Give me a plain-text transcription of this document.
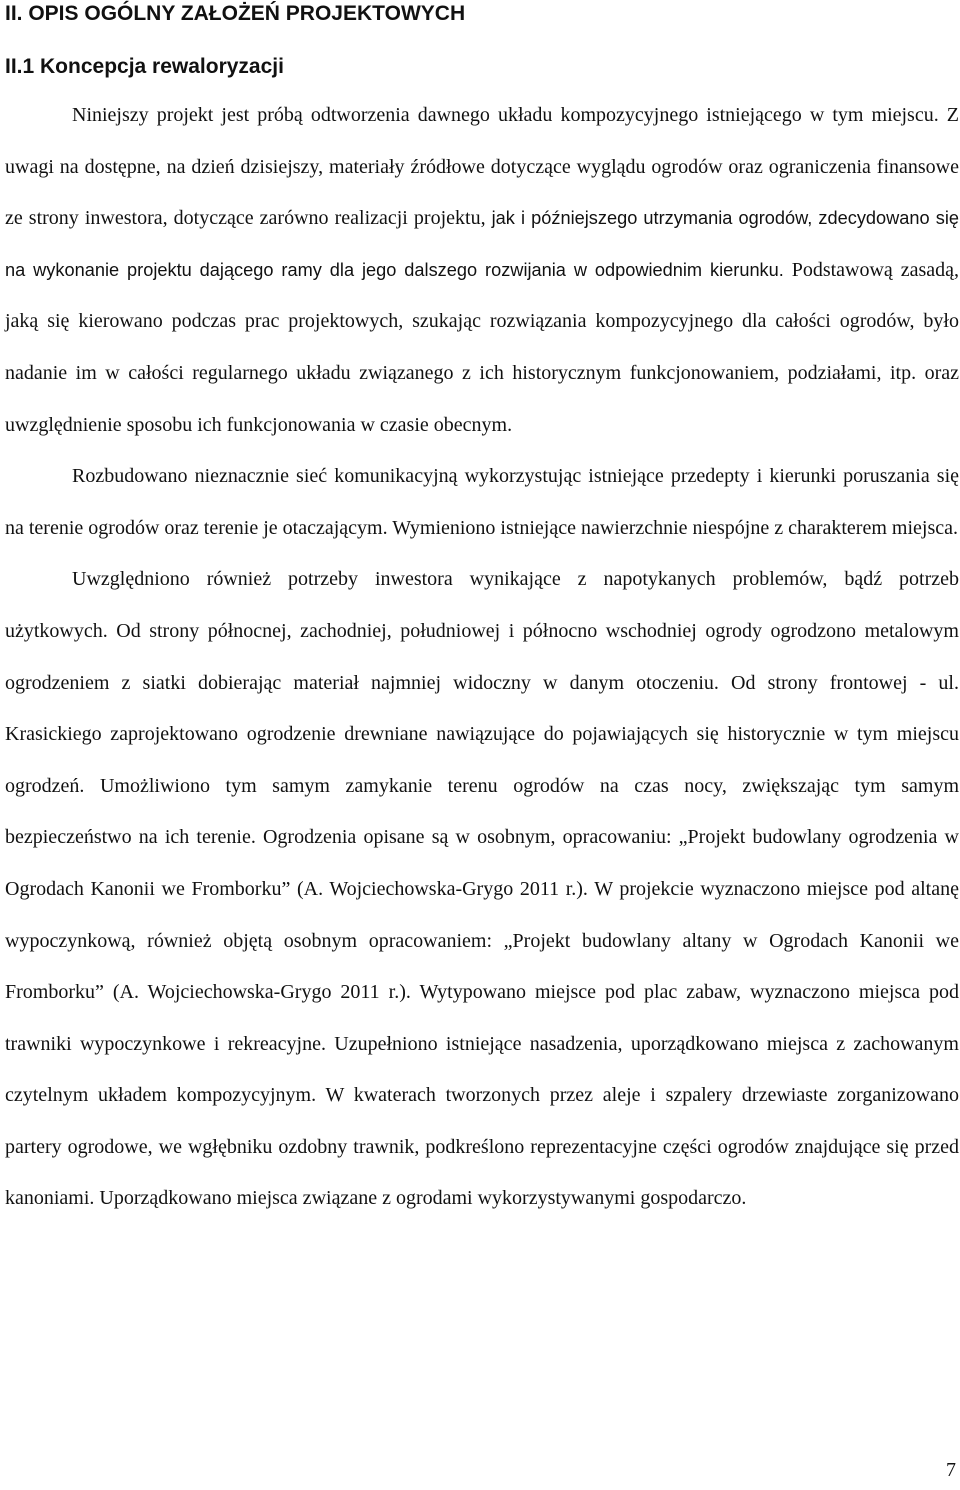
II. OPIS OGÓLNY ZAŁOŻEŃ PROJEKTOWYCH
II.1 Koncepcja rewaloryzacji

Niniejszy projekt jest próbą odtworzenia dawnego układu kompozycyjnego istniejącego w tym miejscu. Z uwagi na dostępne, na dzień dzisiejszy, materiały źródłowe dotyczące wyglądu ogrodów oraz ograniczenia finansowe ze strony inwestora, dotyczące zarówno realizacji projektu, jak i późniejszego utrzymania ogrodów, zdecydowano się na wykonanie projektu dającego ramy dla jego dalszego rozwijania w odpowiednim kierunku. Podstawową zasadą, jaką się kierowano podczas prac projektowych, szukając rozwiązania kompozycyjnego dla całości ogrodów, było nadanie im w całości regularnego układu związanego z ich historycznym funkcjonowaniem, podziałami, itp. oraz uwzględnienie sposobu ich funkcjonowania w czasie obecnym.

Rozbudowano nieznacznie sieć komunikacyjną wykorzystując istniejące przedepty i kierunki poruszania się na terenie ogrodów oraz terenie je otaczającym. Wymieniono istniejące nawierzchnie niespójne z charakterem miejsca.

Uwzględniono również potrzeby inwestora wynikające z napotykanych problemów, bądź potrzeb użytkowych. Od strony północnej, zachodniej, południowej i północno wschodniej ogrody ogrodzono metalowym ogrodzeniem z siatki dobierając materiał najmniej widoczny w danym otoczeniu. Od strony frontowej - ul. Krasickiego zaprojektowano ogrodzenie drewniane nawiązujące do pojawiających się historycznie w tym miejscu ogrodzeń. Umożliwiono tym samym zamykanie terenu ogrodów na czas nocy, zwiększając tym samym bezpieczeństwo na ich terenie. Ogrodzenia opisane są w osobnym, opracowaniu: „Projekt budowlany ogrodzenia w Ogrodach Kanonii we Fromborku” (A. Wojciechowska-Grygo 2011 r.). W projekcie wyznaczono miejsce pod altanę wypoczynkową, również objętą osobnym opracowaniem: „Projekt budowlany altany w Ogrodach Kanonii we Fromborku” (A. Wojciechowska-Grygo 2011 r.). Wytypowano miejsce pod plac zabaw, wyznaczono miejsca pod trawniki wypoczynkowe i rekreacyjne. Uzupełniono istniejące nasadzenia, uporządkowano miejsca z zachowanym czytelnym układem kompozycyjnym. W kwaterach tworzonych przez aleje i szpalery drzewiaste zorganizowano partery ogrodowe, we wgłębniku ozdobny trawnik, podkreślono reprezentacyjne części ogrodów znajdujące się przed kanoniami. Uporządkowano miejsca związane z ogrodami wykorzystywanymi gospodarczo.

7
